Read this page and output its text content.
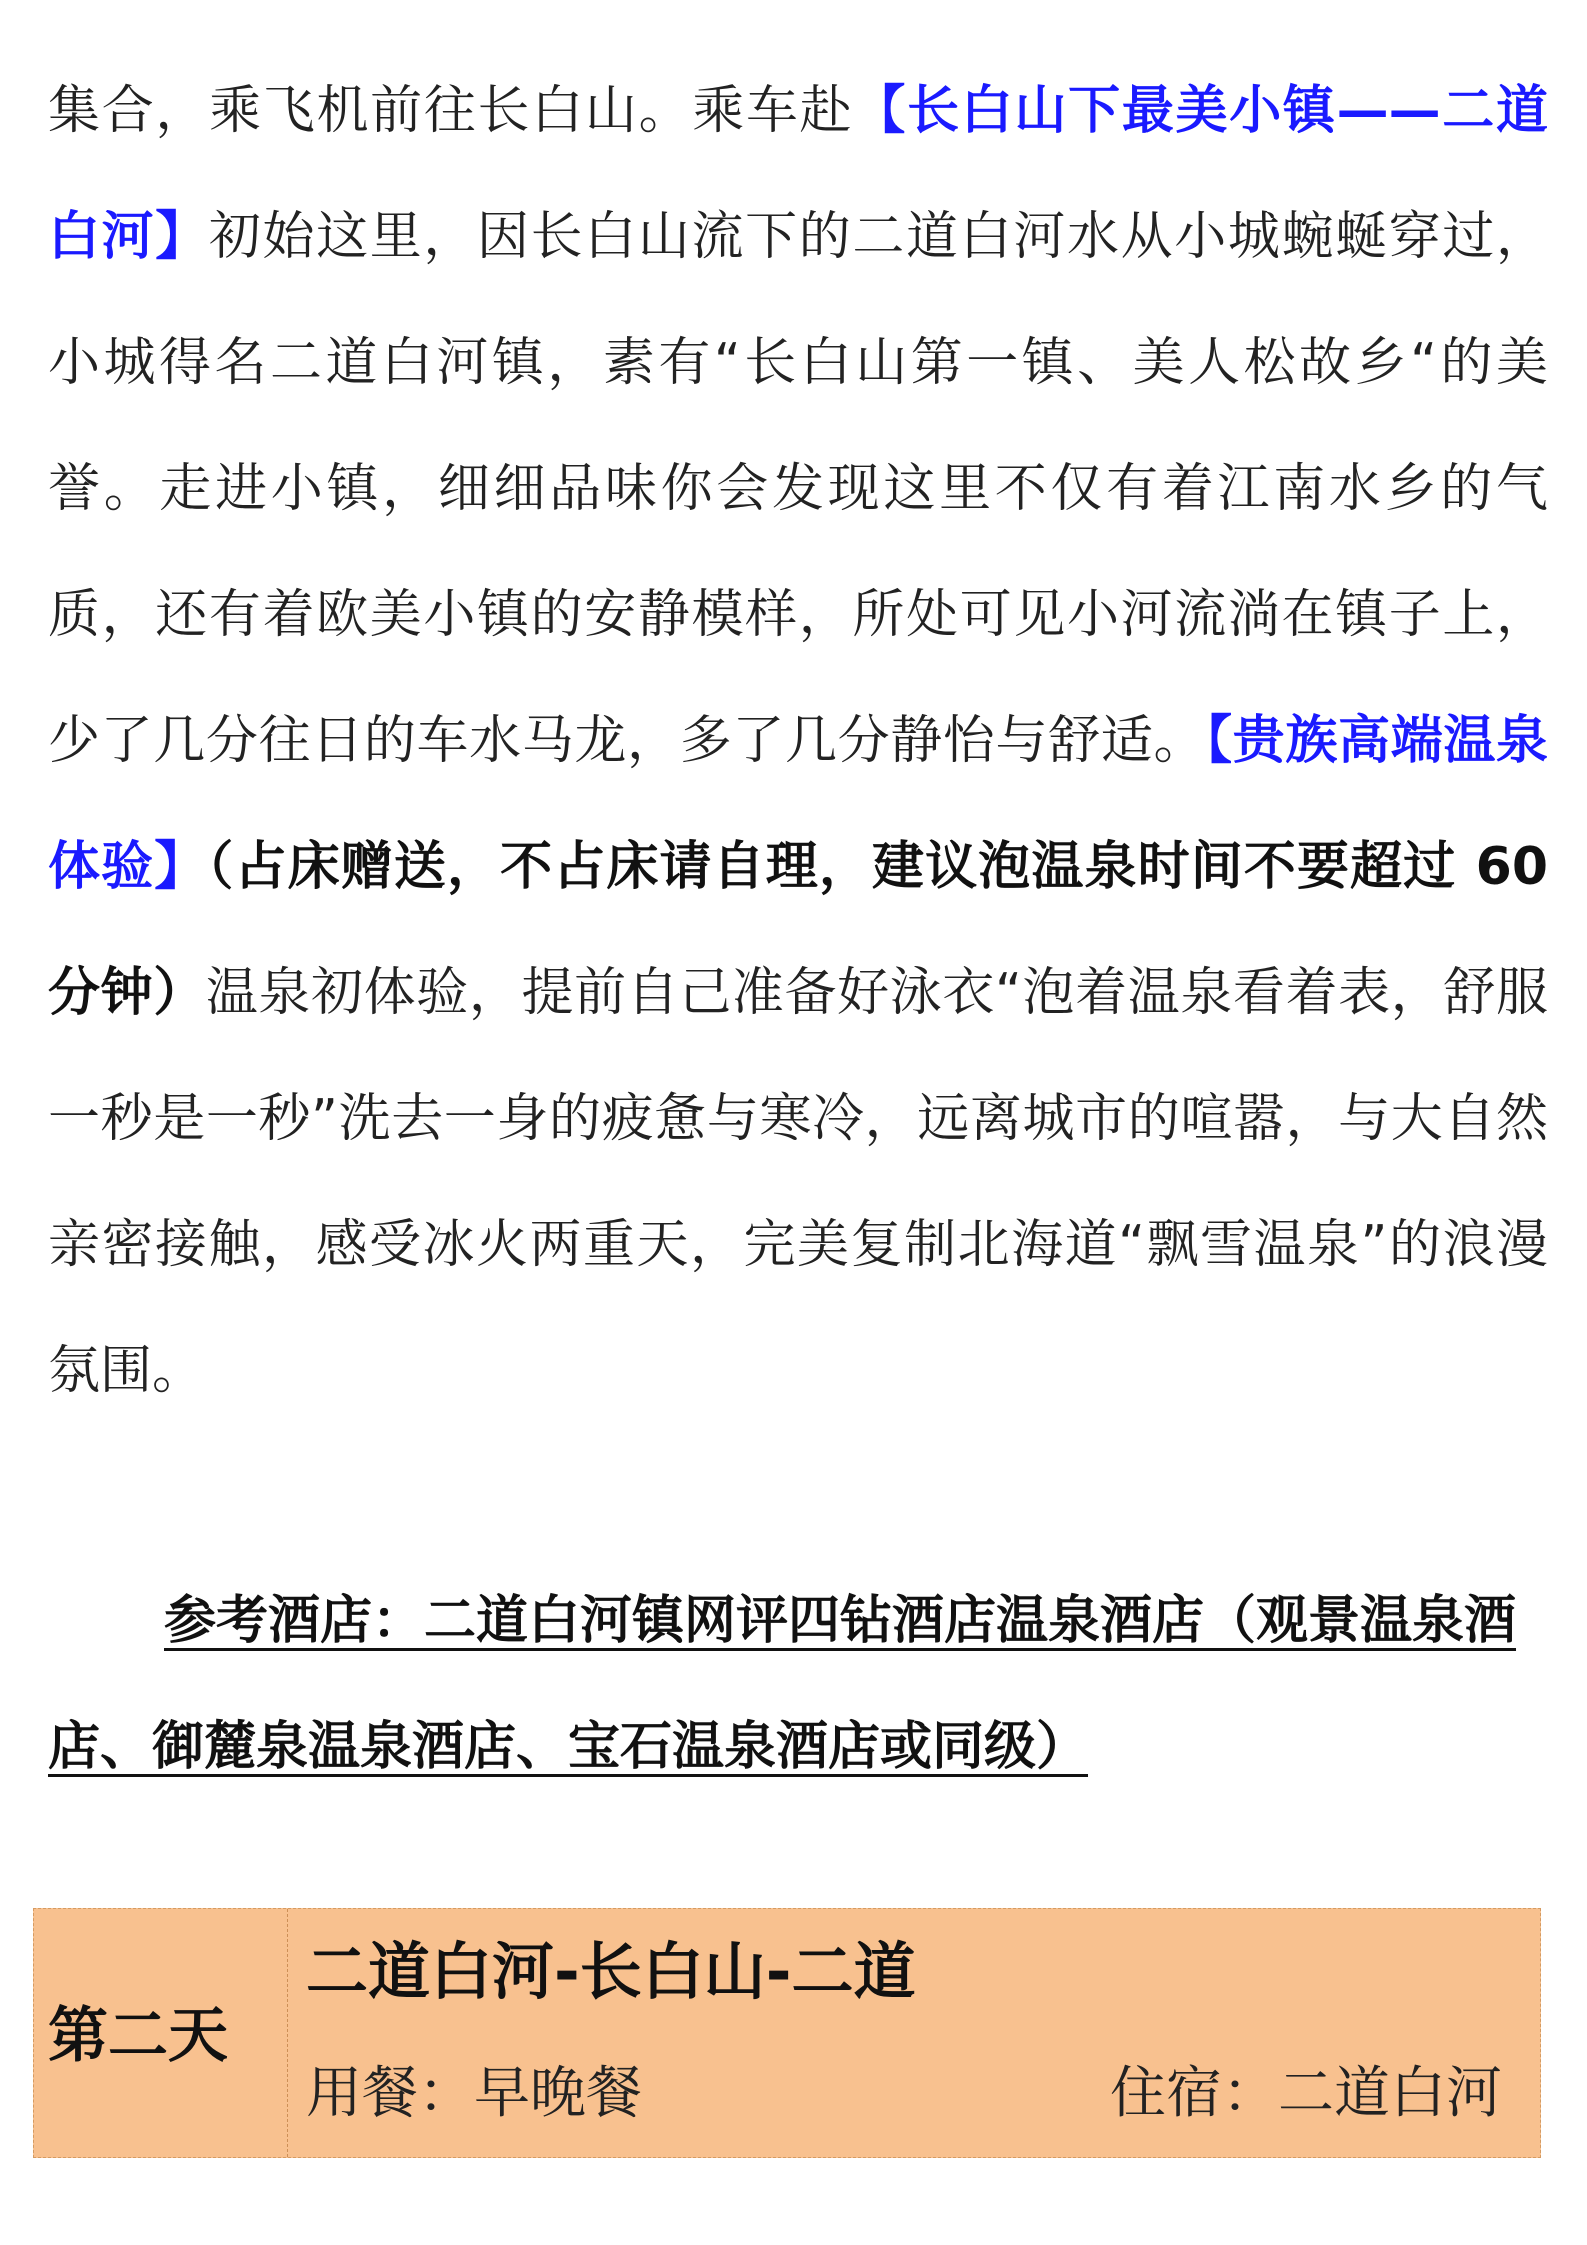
集合，乘飞机前往长白山。乘车赴【长白山下最美小镇——二道白河】初始这里，因长白山流下的二道白河水从小城蜿蜒穿过，小城得名二道白河镇，素有“长白山第一镇、美人松故乡“的美誉。走进小镇，细细品味你会发现这里不仅有着江南水乡的气质，还有着欧美小镇的安静模样，所处可见小河流淌在镇子上，少了几分往日的车水马龙，多了几分静怡与舒适。【贵族高端温泉体验】（占床赠送，不占床请自理，建议泡温泉时间不要超过 60 分钟）温泉初体验，提前自己准备好泳衣“泡着温泉看着表，舒服一秒是一秒”洗去一身的疲惫与寒冷，远离城市的喧嚣，与大自然亲密接触，感受冰火两重天，完美复制北海道“飘雪温泉”的浪漫氛围。

参考酒店：二道白河镇网评四钻酒店温泉酒店（观景温泉酒店、御麓泉温泉酒店、宝石温泉酒店或同级） 

第二天
二道白河-长白山-二道
用餐：早晚餐	住宿：二道白河
